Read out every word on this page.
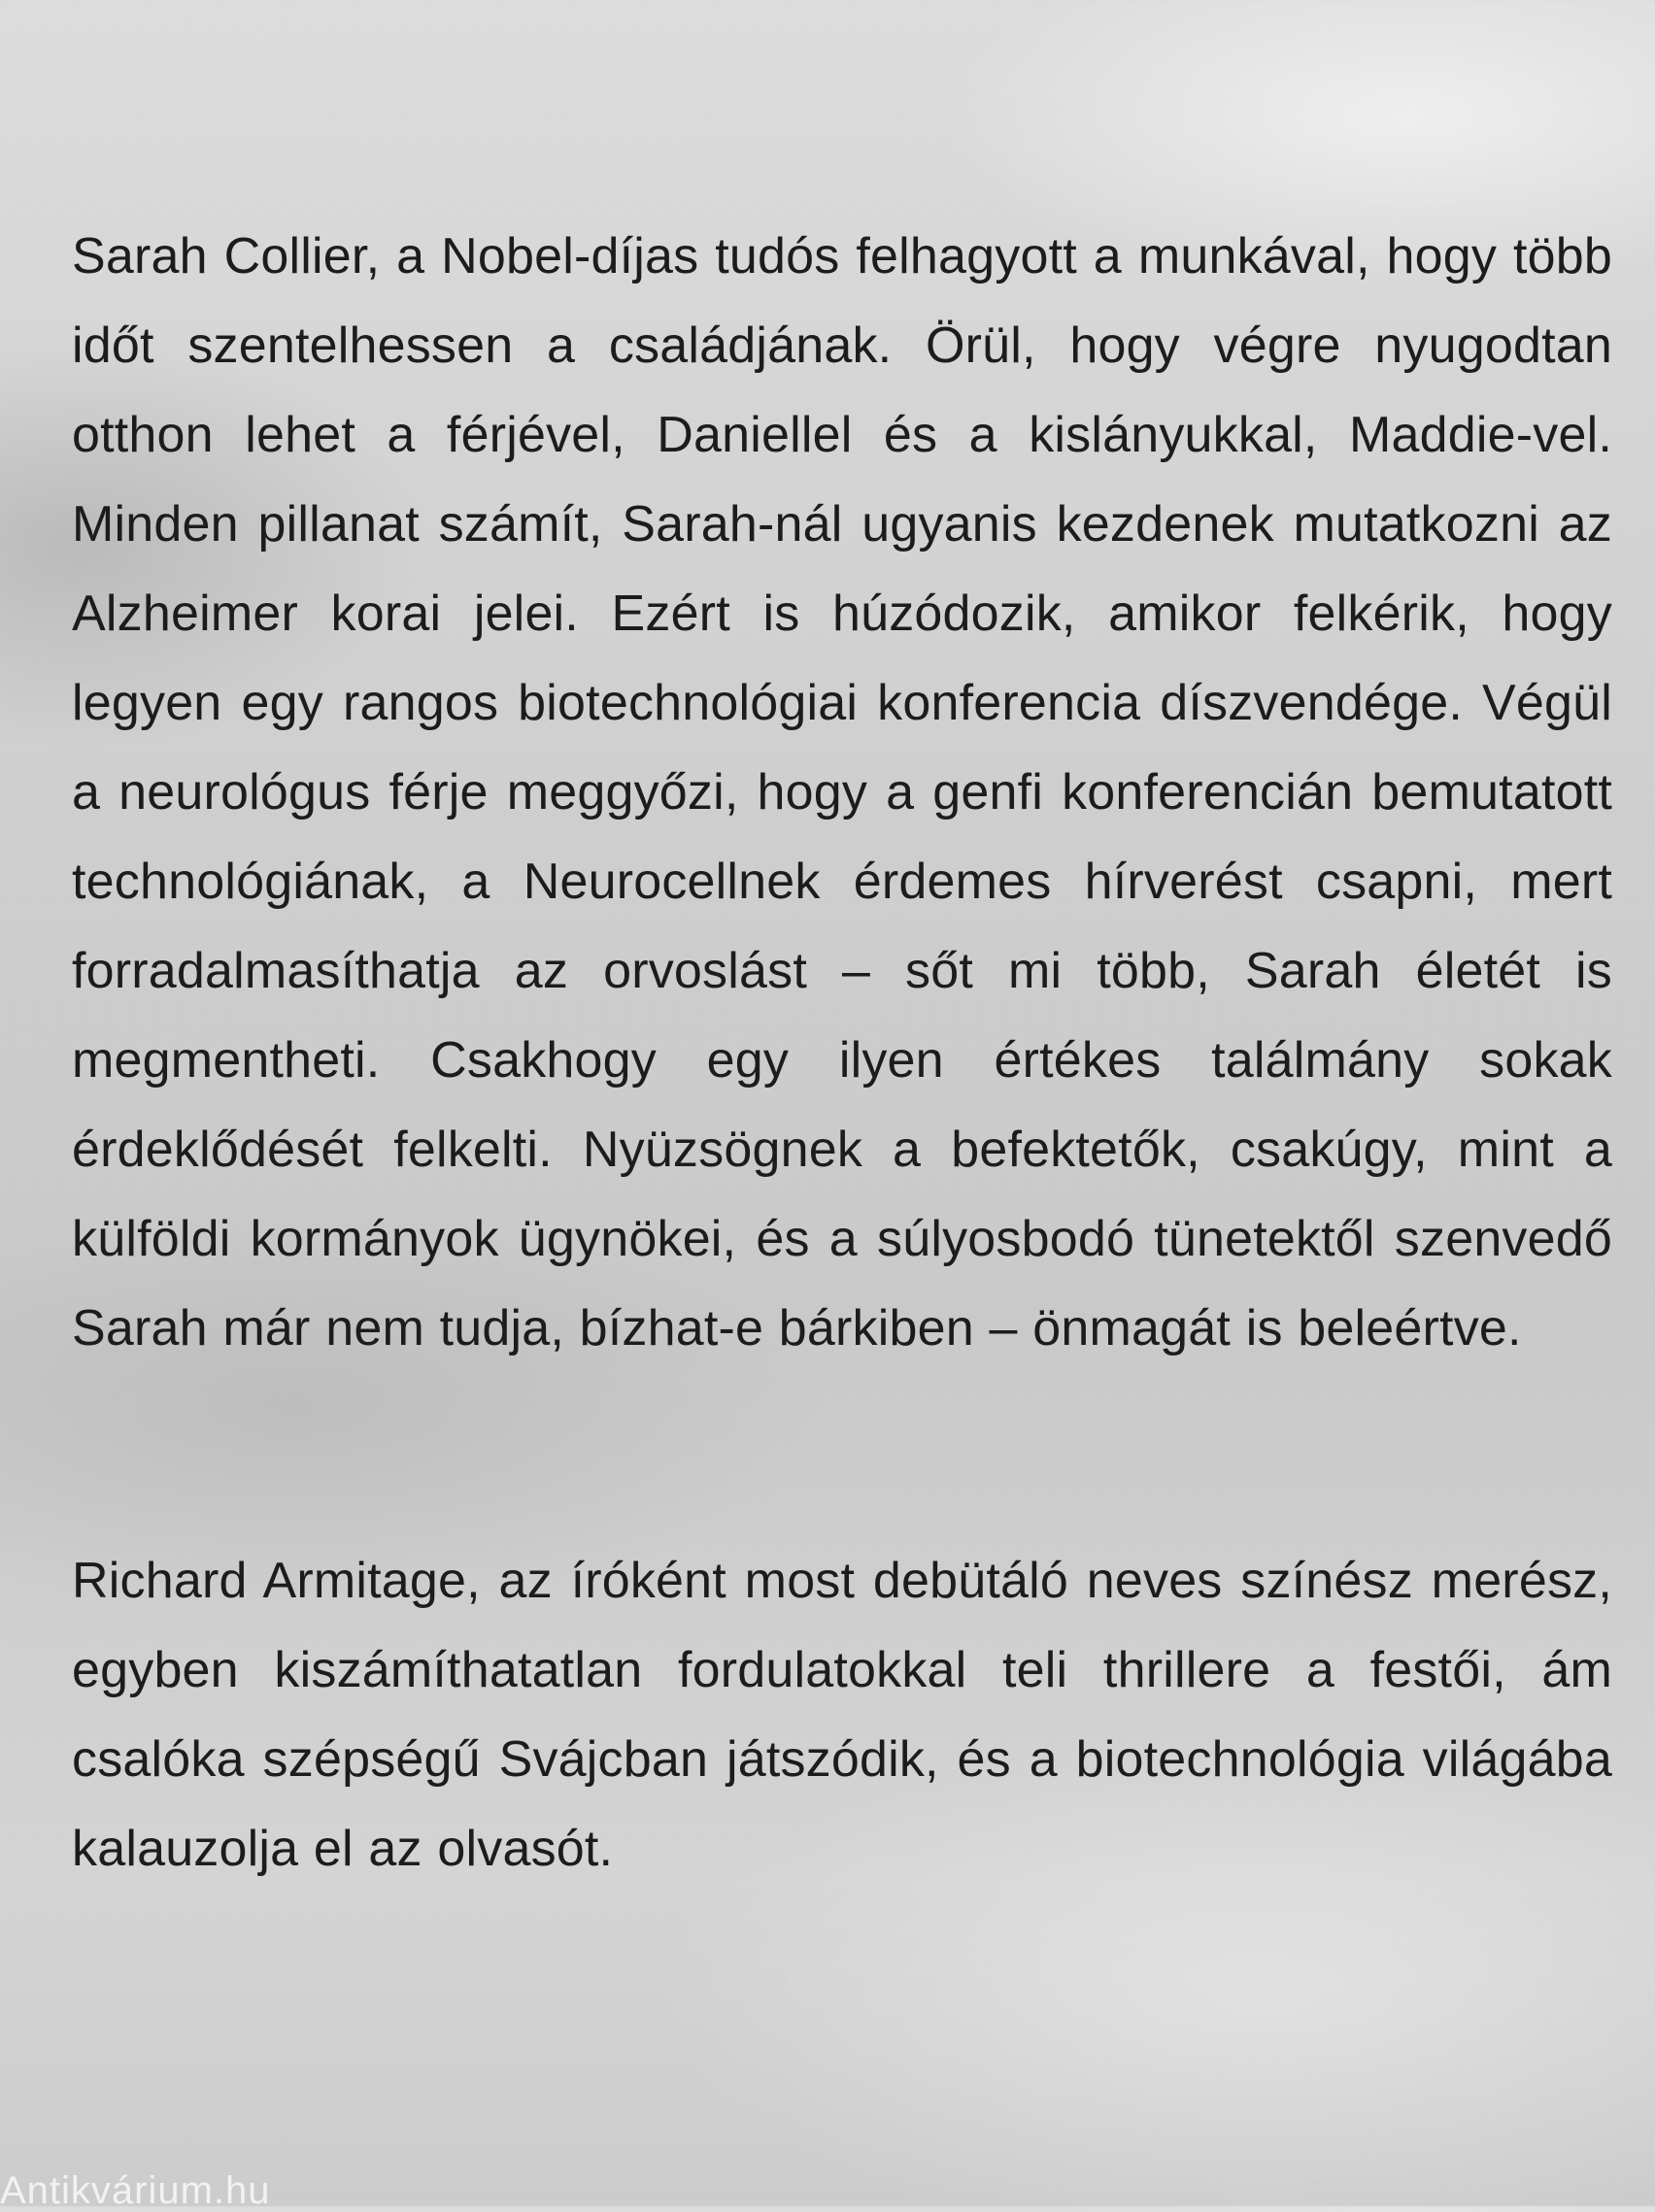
Sarah Collier, a Nobel-díjas tudós felhagyott a munkával, hogy több időt szentelhessen a családjának. Örül, hogy végre nyugodtan otthon lehet a férjével, Daniellel és a kislányukkal, Maddie-vel. Minden pillanat számít, Sarah-nál ugyanis kezdenek mutatkozni az Alzheimer korai jelei. Ezért is húzódozik, amikor felkérik, hogy legyen egy rangos biotechnológiai konferencia díszvendége. Végül a neurológus férje meggyőzi, hogy a genfi konferencián bemutatott technológiának, a Neurocellnek érdemes hírverést csapni, mert forradalmasíthatja az orvoslást – sőt mi több, Sarah életét is megmentheti. Csakhogy egy ilyen értékes találmány sokak érdeklődését felkelti. Nyüzsögnek a befektetők, csakúgy, mint a külföldi kormányok ügynökei, és a súlyosbodó tünetektől szenvedő Sarah már nem tudja, bízhat-e bárkiben – önmagát is beleértve.

Richard Armitage, az íróként most debütáló neves színész merész, egyben kiszámíthatatlan fordulatokkal teli thrillere a festői, ám csalóka szépségű Svájcban játszódik, és a biotechnológia világába kalauzolja el az olvasót.

Antikvárium.hu
